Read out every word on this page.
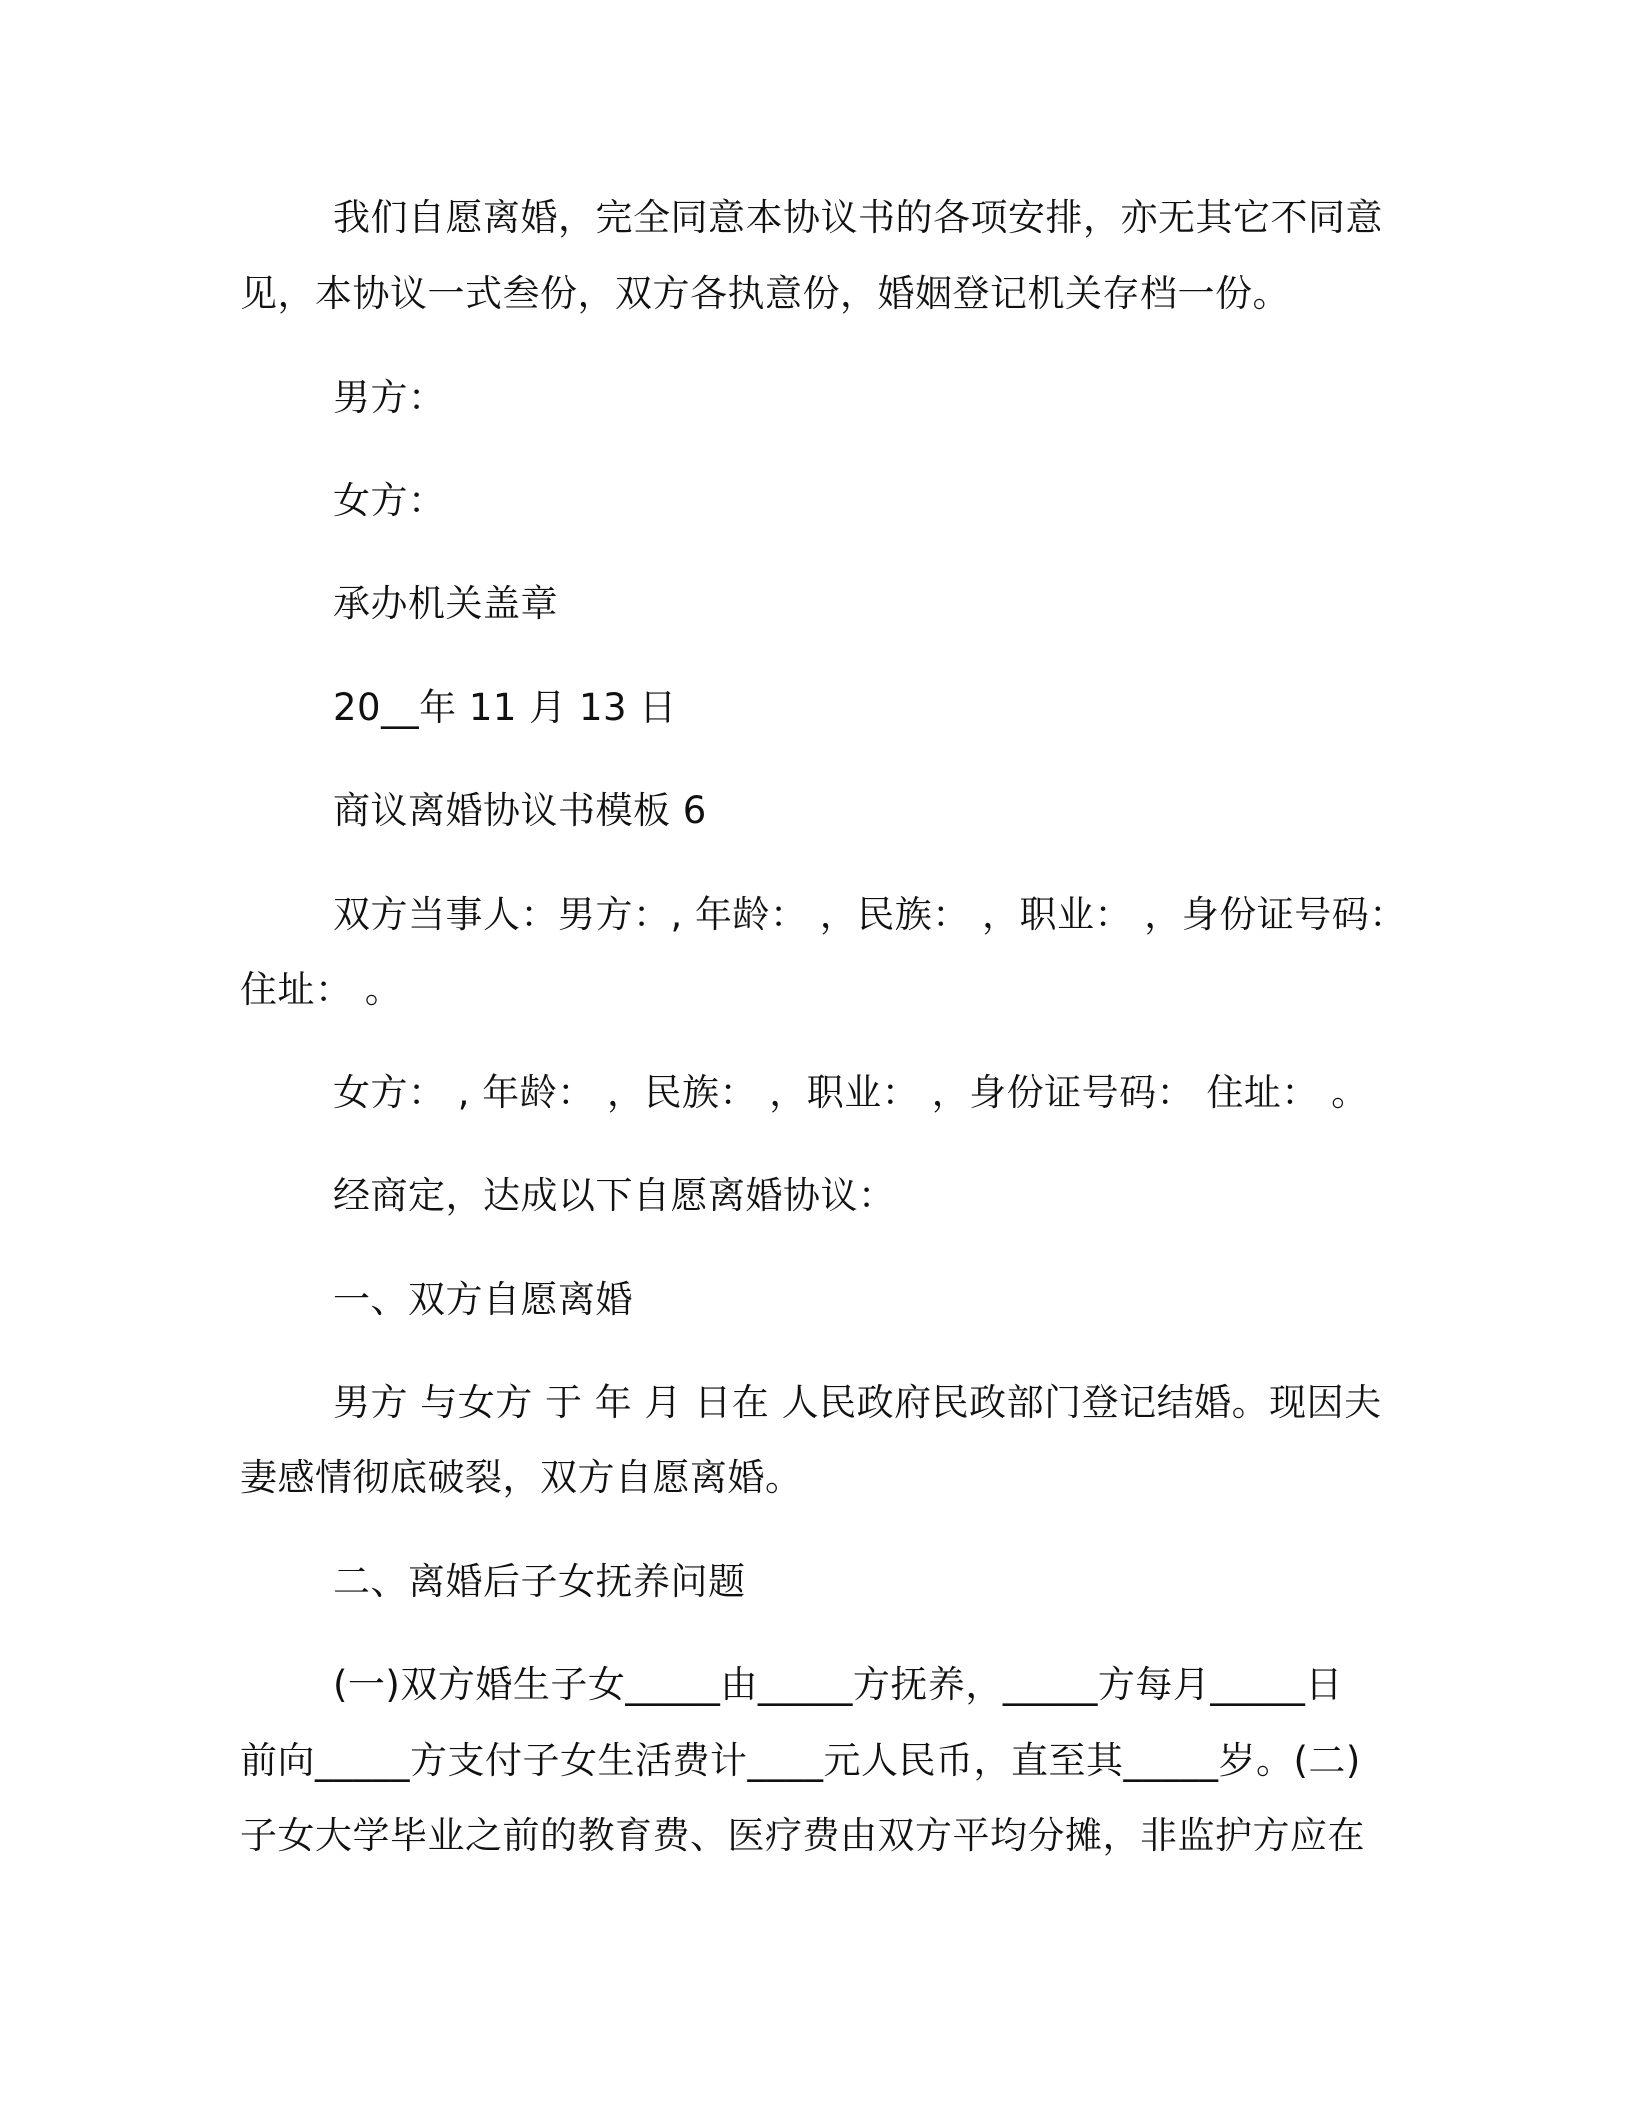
我们自愿离婚，完全同意本协议书的各项安排，亦无其它不同意
见，本协议一式叁份，双方各执意份，婚姻登记机关存档一份。
男方：
女方：
承办机关盖章
20__年 11 月 13 日
商议离婚协议书模板 6
双方当事人：男方：, 年龄： ，民族： ，职业： ，身份证号码：
住址： 。
女方： , 年龄： ，民族： ，职业： ，身份证号码： 住址： 。
经商定，达成以下自愿离婚协议：
一、双方自愿离婚
男方 与女方 于 年 月 日在 人民政府民政部门登记结婚。现因夫
妻感情彻底破裂，双方自愿离婚。
二、离婚后子女抚养问题
(一)双方婚生子女_____由_____方抚养，_____方每月_____日
前向_____方支付子女生活费计____元人民币，直至其_____岁。(二)
子女大学毕业之前的教育费、医疗费由双方平均分摊，非监护方应在
